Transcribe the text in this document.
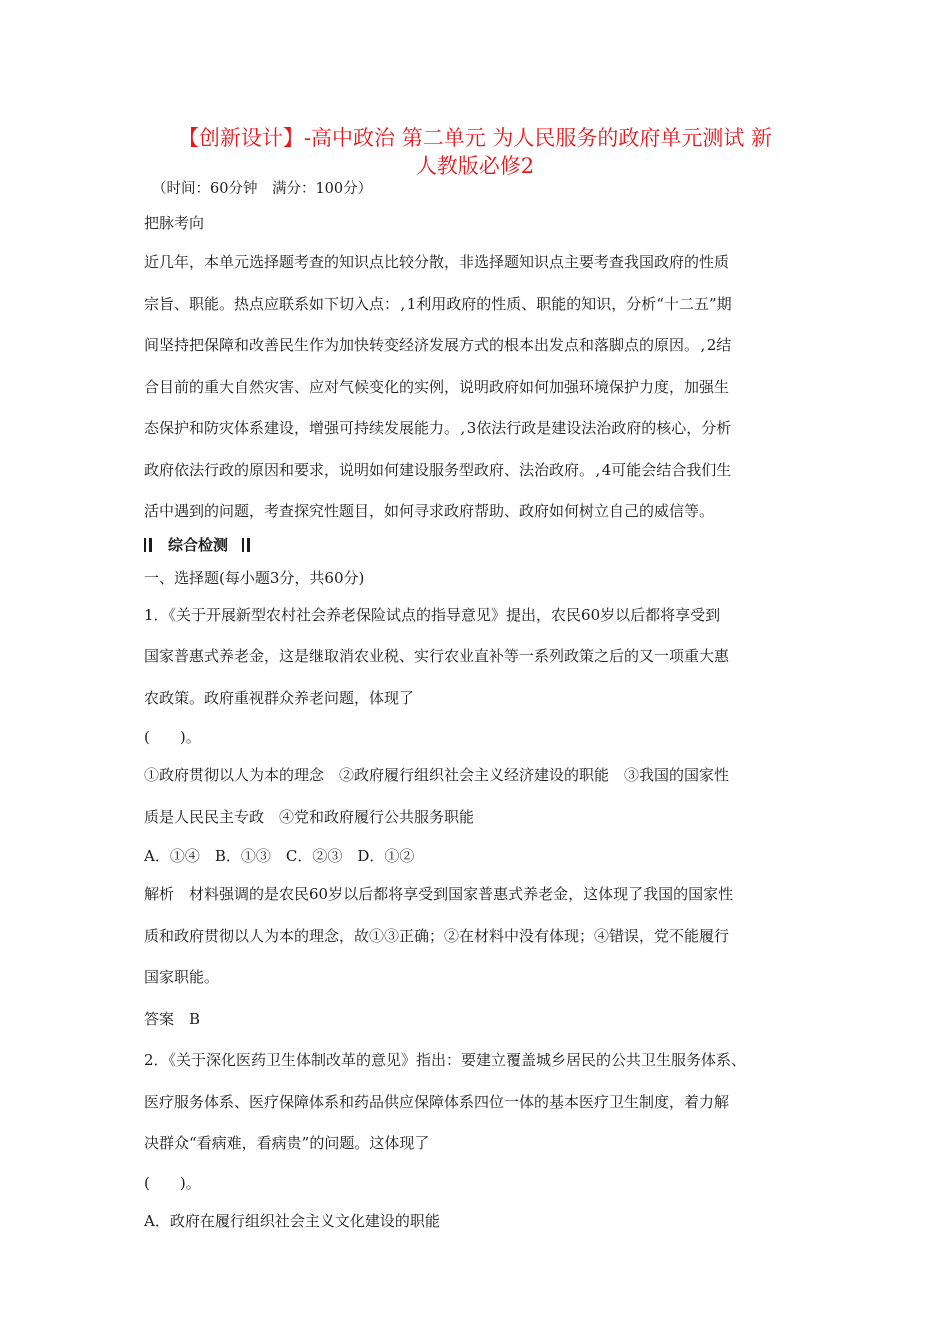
【创新设计】-高中政治 第二单元 为人民服务的政府单元测试 新
人教版必修2
（时间：60分钟　满分：100分）
把脉考向
近几年，本单元选择题考查的知识点比较分散，非选择题知识点主要考查我国政府的性质
宗旨、职能。热点应联系如下切入点： , 1利用政府的性质、职能的知识，分析“十二五”期
间坚持把保障和改善民生作为加快转变经济发展方式的根本出发点和落脚点的原因。 , 2结
合目前的重大自然灾害、应对气候变化的实例，说明政府如何加强环境保护力度，加强生
态保护和防灾体系建设，增强可持续发展能力。 , 3依法行政是建设法治政府的核心，分析
政府依法行政的原因和要求，说明如何建设服务型政府、法治政府。 , 4可能会结合我们生
活中遇到的问题，考查探究性题目，如何寻求政府帮助、政府如何树立自己的威信等。
综合检测
一、选择题(每小题3分，共60分)
1．《关于开展新型农村社会养老保险试点的指导意见》提出，农民60岁以后都将享受到
国家普惠式养老金，这是继取消农业税、实行农业直补等一系列政策之后的又一项重大惠
农政策。政府重视群众养老问题，体现了
(　　)。
①政府贯彻以人为本的理念　②政府履行组织社会主义经济建设的职能　③我国的国家性
质是人民民主专政　④党和政府履行公共服务职能
A．①④　B．①③　C．②③　D．①②
解析　材料强调的是农民60岁以后都将享受到国家普惠式养老金，这体现了我国的国家性
质和政府贯彻以人为本的理念，故①③正确；②在材料中没有体现；④错误，党不能履行
国家职能。
答案　B
2．《关于深化医药卫生体制改革的意见》指出：要建立覆盖城乡居民的公共卫生服务体系、
医疗服务体系、医疗保障体系和药品供应保障体系四位一体的基本医疗卫生制度，着力解
决群众“看病难，看病贵”的问题。这体现了
(　　)。
A．政府在履行组织社会主义文化建设的职能
